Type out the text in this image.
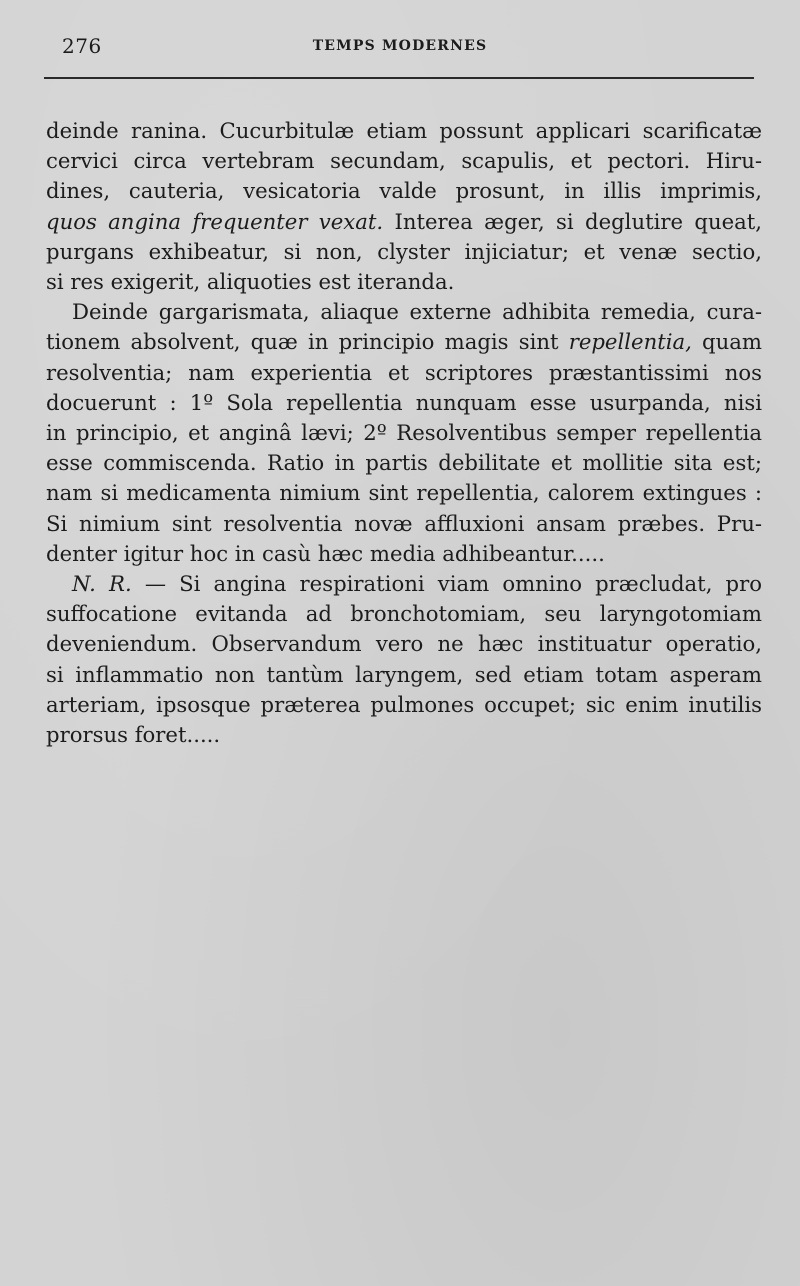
276	TEMPS MODERNES
deinde ranina. Cucurbitulæ etiam possunt applicari scarificatæ
cervici circa vertebram secundam, scapulis, et pectori. Hiru-
dines, cauteria, vesicatoria valde prosunt, in illis imprimis,
quos angina frequenter vexat. Interea æger, si deglutire queat,
purgans exhibeatur, si non, clyster injiciatur; et venæ sectio,
si res exigerit, aliquoties est iteranda.
Deinde gargarismata, aliaque externe adhibita remedia, cura-
tionem absolvent, quæ in principio magis sint repellentia, quam
resolventia; nam experientia et scriptores præstantissimi nos
docuerunt : 1º Sola repellentia nunquam esse usurpanda, nisi
in principio, et anginâ lævi; 2º Resolventibus semper repellentia
esse commiscenda. Ratio in partis debilitate et mollitie sita est;
nam si medicamenta nimium sint repellentia, calorem extingues :
Si nimium sint resolventia novæ affluxioni ansam præbes. Pru-
denter igitur hoc in casù hæc media adhibeantur.....
N. R. — Si angina respirationi viam omnino præcludat, pro
suffocatione evitanda ad bronchotomiam, seu laryngotomiam
deveniendum. Observandum vero ne hæc instituatur operatio,
si inflammatio non tantùm laryngem, sed etiam totam asperam
arteriam, ipsosque præterea pulmones occupet; sic enim inutilis
prorsus foret.....
